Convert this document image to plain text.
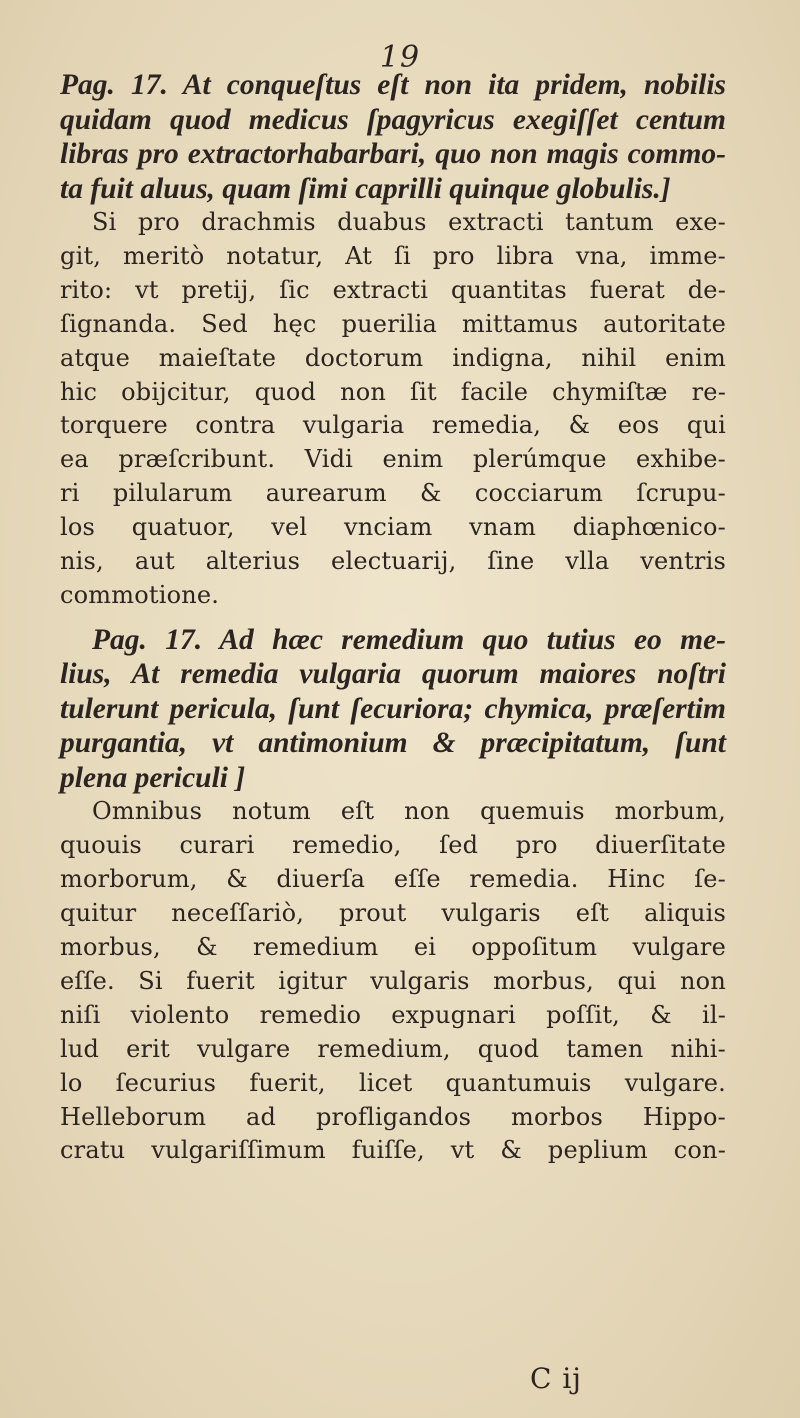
19
Pag. 17. At conqueſtus eſt non ita pridem, nobilis
quidam quod medicus ſpagyricus exegiſſet centum
libras pro extractorhabarbari, quo non magis commo-
ta fuit aluus, quam ſimi caprilli quinque globulis.]
Si pro drachmis duabus extracti tantum exe-
git, meritò notatur, At ſi pro libra vna, imme-
rito: vt pretij, ſic extracti quantitas fuerat de-
ſignanda. Sed hęc puerilia mittamus autoritate
atque maieſtate doctorum indigna, nihil enim
hic obijcitur, quod non ſit facile chymiſtæ re-
torquere contra vulgaria remedia, & eos qui
ea præſcribunt. Vidi enim plerúmque exhibe-
ri pilularum aurearum & cocciarum ſcrupu-
los quatuor, vel vnciam vnam diaphœnico-
nis, aut alterius electuarij, ſine vlla ventris
commotione.
Pag. 17. Ad hæc remedium quo tutius eo me-
lius, At remedia vulgaria quorum maiores noſtri
tulerunt pericula, ſunt ſecuriora; chymica, præſertim
purgantia, vt antimonium & præcipitatum, ſunt
plena periculi ]
Omnibus notum eſt non quemuis morbum,
quouis curari remedio, ſed pro diuerſitate
morborum, & diuerſa eſſe remedia. Hinc ſe-
quitur neceſſariò, prout vulgaris eſt aliquis
morbus, & remedium ei oppoſitum vulgare
eſſe. Si fuerit igitur vulgaris morbus, qui non
niſi violento remedio expugnari poſſit, & il-
lud erit vulgare remedium, quod tamen nihi-
lo ſecurius fuerit, licet quantumuis vulgare.
Helleborum ad profligandos morbos Hippo-
cratu vulgariſſimum fuiſſe, vt & peplium con-
C ij
